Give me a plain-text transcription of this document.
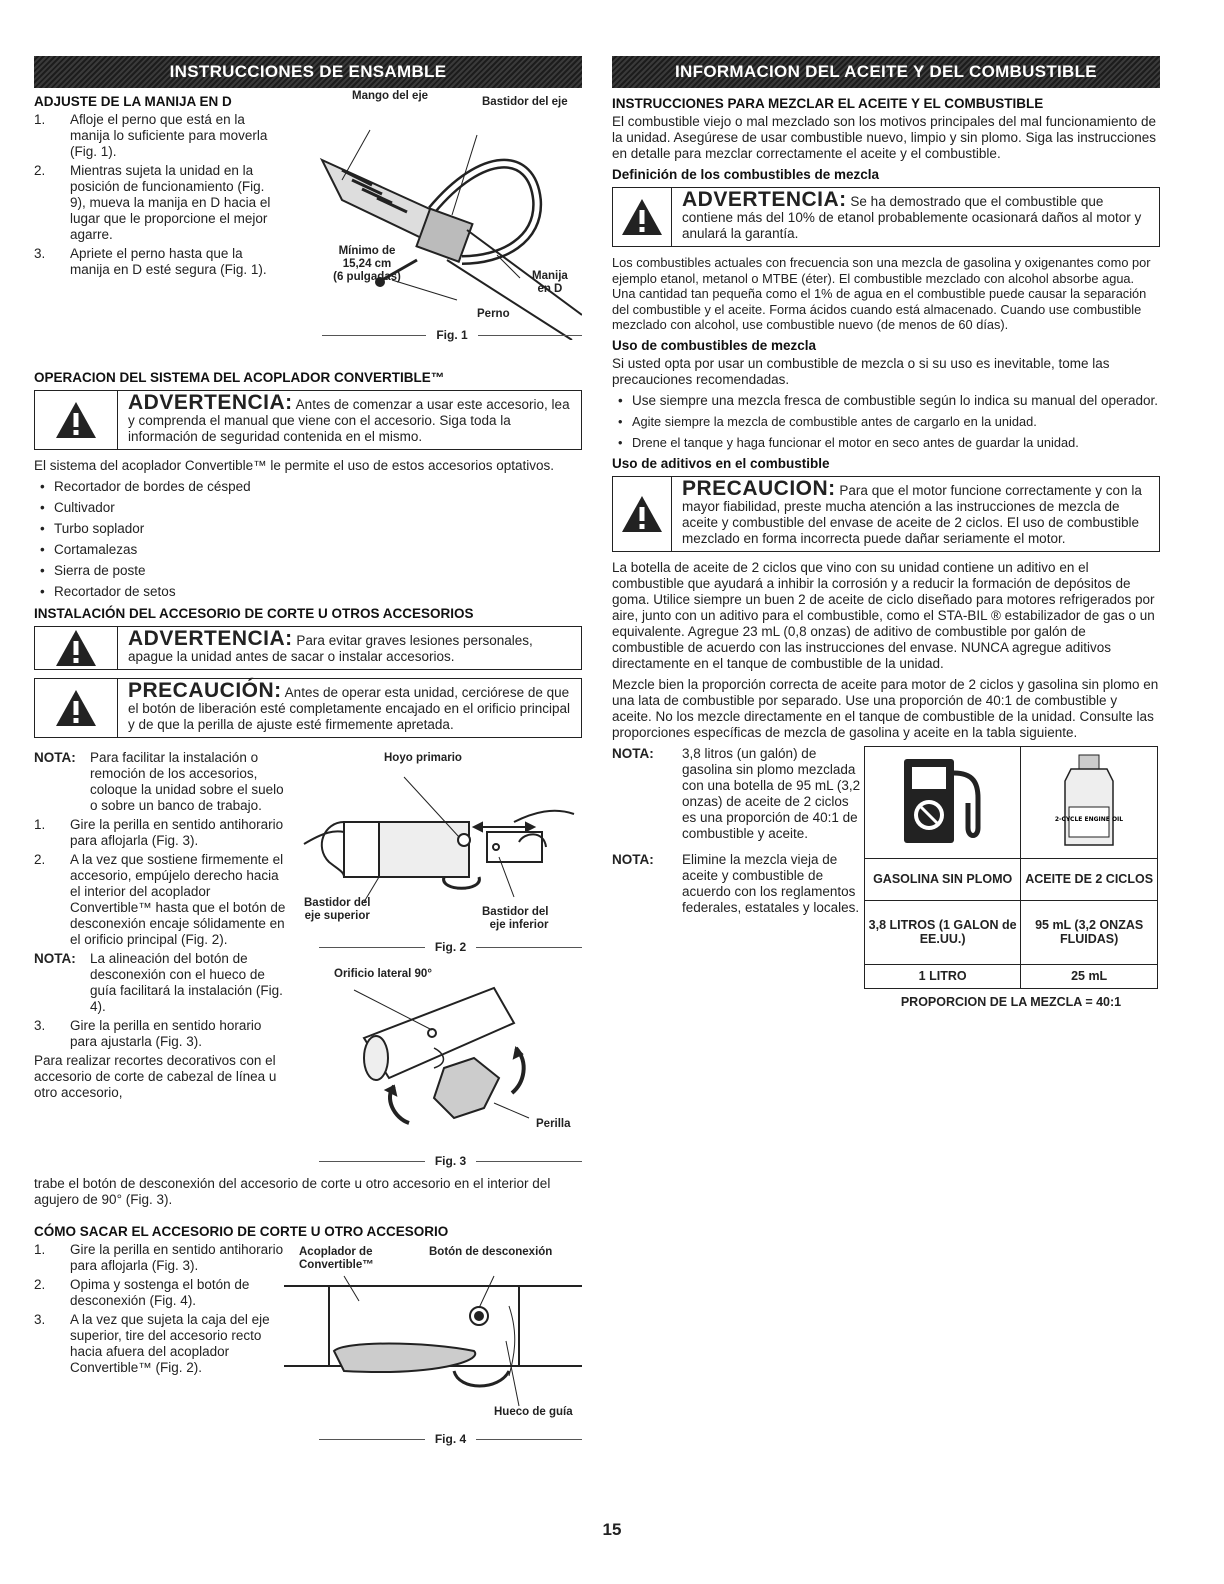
INSTRUCCIONES DE ENSAMBLE
ADJUSTE DE LA MANIJA EN D
1. Afloje el perno que está en la manija lo suficiente para moverla (Fig. 1).
2. Mientras sujeta la unidad en la posición de funcionamiento (Fig. 9), mueva la manija en D hacia el lugar que le proporcione el mejor agarre.
3. Apriete el perno hasta que la manija en D esté segura (Fig. 1).
Mango del eje	Bastidor del eje
Mínimo de
15,24 cm
(6 pulgadas)	Manija
en D
Perno
Fig. 1
OPERACION DEL SISTEMA DEL ACOPLADOR CONVERTIBLE™
ADVERTENCIA: Antes de comenzar a usar este accesorio, lea y comprenda el manual que viene con el accesorio. Siga toda la información de seguridad contenida en el mismo.

El sistema del acoplador Convertible™ le permite el uso de estos accesorios optativos.

• Recortador de bordes de césped
• Cultivador
• Turbo soplador
• Cortamalezas
• Sierra de poste
• Recortador de setos
INSTALACIÓN DEL ACCESORIO DE CORTE U OTROS ACCESORIOS
ADVERTENCIA: Para evitar graves lesiones personales, apague la unidad antes de sacar o instalar accesorios.
PRECAUCIÓN: Antes de operar esta unidad, cerciórese de que el botón de liberación esté completamente encajado en el orificio principal y de que la perilla de ajuste esté firmemente apretada.
NOTA:	Para facilitar la instalación o remoción de los accesorios, coloque la unidad sobre el suelo o sobre un banco de trabajo.
1. Gire la perilla en sentido antihorario para aflojarla (Fig. 3).
2. A la vez que sostiene firmemente el accesorio, empújelo derecho hacia el interior del acoplador Convertible™ hasta que el botón de desconexión encaje sólidamente en el orificio principal (Fig. 2).
NOTA:	La alineación del botón de desconexión con el hueco de guía facilitará la instalación (Fig. 4).
3. Gire la perilla en sentido horario para ajustarla (Fig. 3).

Para realizar recortes decorativos con el accesorio de corte de cabezal de línea u otro accesorio,

trabe el botón de desconexión del accesorio de corte u otro accesorio en el interior del agujero de 90° (Fig. 3).

Hoyo primario
Bastidor del
eje superior	Bastidor del
eje inferior
Fig. 2
Orificio lateral 90°
Perilla
Fig. 3
CÓMO SACAR EL ACCESORIO DE CORTE U OTRO ACCESORIO
1. Gire la perilla en sentido antihorario para aflojarla (Fig. 3).
2. Opima y sostenga el botón de desconexión (Fig. 4).
3. A la vez que sujeta la caja del eje superior, tire del accesorio recto hacia afuera del acoplador Convertible™ (Fig. 2).
Acoplador de
Convertible™
Botón de desconexión
Hueco de guía
Fig. 4
INFORMACION DEL ACEITE Y DEL COMBUSTIBLE
INSTRUCCIONES PARA MEZCLAR EL ACEITE Y EL COMBUSTIBLE

El combustible viejo o mal mezclado son los motivos principales del mal funcionamiento de la unidad. Asegúrese de usar combustible nuevo, limpio y sin plomo. Siga las instrucciones en detalle para mezclar correctamente el aceite y el combustible.

Definición de los combustibles de mezcla
ADVERTENCIA: Se ha demostrado que el combustible que contiene más del 10% de etanol probablemente ocasionará daños al motor y anulará la garantía.

Los combustibles actuales con frecuencia son una mezcla de gasolina y oxigenantes como por ejemplo etanol, metanol o MTBE (éter). El combustible mezclado con alcohol absorbe agua. Una cantidad tan pequeña como el 1% de agua en el combustible puede causar la separación del combustible y el aceite. Forma ácidos cuando está almacenado. Cuando use combustible mezclado con alcohol, use combustible nuevo (de menos de 60 días).

Uso de combustibles de mezcla

Si usted opta por usar un combustible de mezcla o si su uso es inevitable, tome las precauciones recomendadas.

• Use siempre una mezcla fresca de combustible según lo indica su manual del operador.
• Agite siempre la mezcla de combustible antes de cargarlo en la unidad.
• Drene el tanque y haga funcionar el motor en seco antes de guardar la unidad.
Uso de aditivos en el combustible
PRECAUCION: Para que el motor funcione correctamente y con la mayor fiabilidad, preste mucha atención a las instrucciones de mezcla de aceite y combustible del envase de aceite de 2 ciclos. El uso de combustible mezclado en forma incorrecta puede dañar seriamente el motor.

La botella de aceite de 2 ciclos que vino con su unidad contiene un aditivo en el combustible que ayudará a inhibir la corrosión y a reducir la formación de depósitos de goma. Utilice siempre un buen 2 de aceite de ciclo diseñado para motores refrigerados por aire, junto con un aditivo para el combustible, como el STA-BIL ® estabilizador de gas o un equivalente. Agregue 23 mL (0,8 onzas) de aditivo de combustible por galón de combustible de acuerdo con las instrucciones del envase. NUNCA agregue aditivos directamente en el tanque de combustible de la unidad.

Mezcle bien la proporción correcta de aceite para motor de 2 ciclos y gasolina sin plomo en una lata de combustible por separado. Use una proporción de 40:1 de combustible y aceite. No los mezcle directamente en el tanque de combustible de la unidad. Consulte las proporciones específicas de mezcla de gasolina y aceite en la tabla siguiente.

NOTA:	3,8 litros (un galón) de gasolina sin plomo mezclada con una botella de 95 mL (3,2 onzas) de aceite de 2 ciclos es una proporción de 40:1 de combustible y aceite.
NOTA:	Elimine la mezcla vieja de aceite y combustible de acuerdo con los reglamentos federales, estatales y locales.

2-CYCLE ENGINE OIL

GASOLINA SIN PLOMO	ACEITE DE 2 CICLOS
3,8 LITROS (1 GALON de EE.UU.)	95 mL (3,2 ONZAS FLUIDAS)
1 LITRO	25 mL
PROPORCION DE LA MEZCLA = 40:1
15
